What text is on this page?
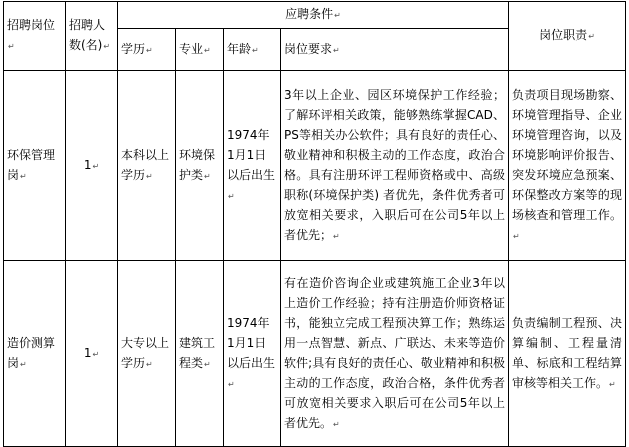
招聘岗位↵	招聘人数(名)↵	应聘条件↵				岗位职责↵
		学历↵	专业↵	年龄↵	岗位要求↵	
环保管理岗↵	1↵	本科以上学历↵	环境保护类↵	1974年1月1日以后出生↵	3年以上企业、园区环境保护工作经验；了解环评相关政策，能够熟练掌握CAD、PS等相关办公软件；具有良好的责任心、敬业精神和积极主动的工作态度，政治合格。具有注册环评工程师资格或中、高级职称(环境保护类) 者优先，条件优秀者可放宽相关要求，入职后可在公司5年以上者优先；↵	负责项目现场勘察、环境管理指导、企业环境管理咨询，以及环境影响评价报告、突发环境应急预案、环保整改方案等的现场核查和管理工作。↵
造价测算岗↵	1↵	大专以上学历↵	建筑工程类↵	1974年1月1日以后出生↵	有在造价咨询企业或建筑施工企业3年以上造价工作经验；持有注册造价师资格证书，能独立完成工程预决算工作；熟练运用一点智慧、新点、广联达、未来等造价软件;具有良好的责任心、敬业精神和积极主动的工作态度，政治合格，条件优秀者可放宽相关要求入职后可在公司5年以上者优先。↵	负责编制工程预、决算编制、工程量清单、标底和工程结算审核等相关工作。↵
